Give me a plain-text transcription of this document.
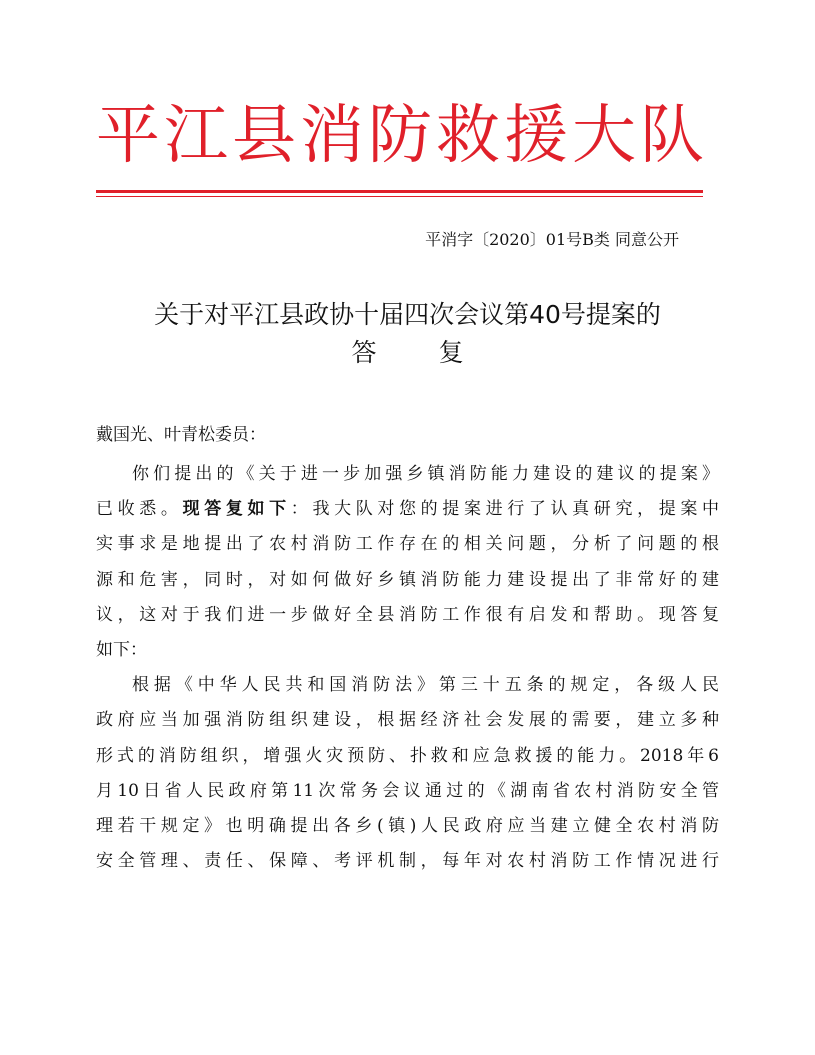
平江县消防救援大队
平消字〔2020〕01号B类 同意公开
关于对平江县政协十届四次会议第40号提案的
答复
戴国光、叶青松委员：
你们提出的《关于进一步加强乡镇消防能力建设的建议的提案》
已收悉。现答复如下：我大队对您的提案进行了认真研究，提案中
实事求是地提出了农村消防工作存在的相关问题，分析了问题的根
源和危害，同时，对如何做好乡镇消防能力建设提出了非常好的建
议，这对于我们进一步做好全县消防工作很有启发和帮助。现答复
如下：
根据《中华人民共和国消防法》第三十五条的规定，各级人民
政府应当加强消防组织建设，根据经济社会发展的需要，建立多种
形式的消防组织，增强火灾预防、扑救和应急救援的能力。2018年6
月10日省人民政府第11次常务会议通过的《湖南省农村消防安全管
理若干规定》也明确提出各乡(镇)人民政府应当建立健全农村消防
安全管理、责任、保障、考评机制，每年对农村消防工作情况进行
